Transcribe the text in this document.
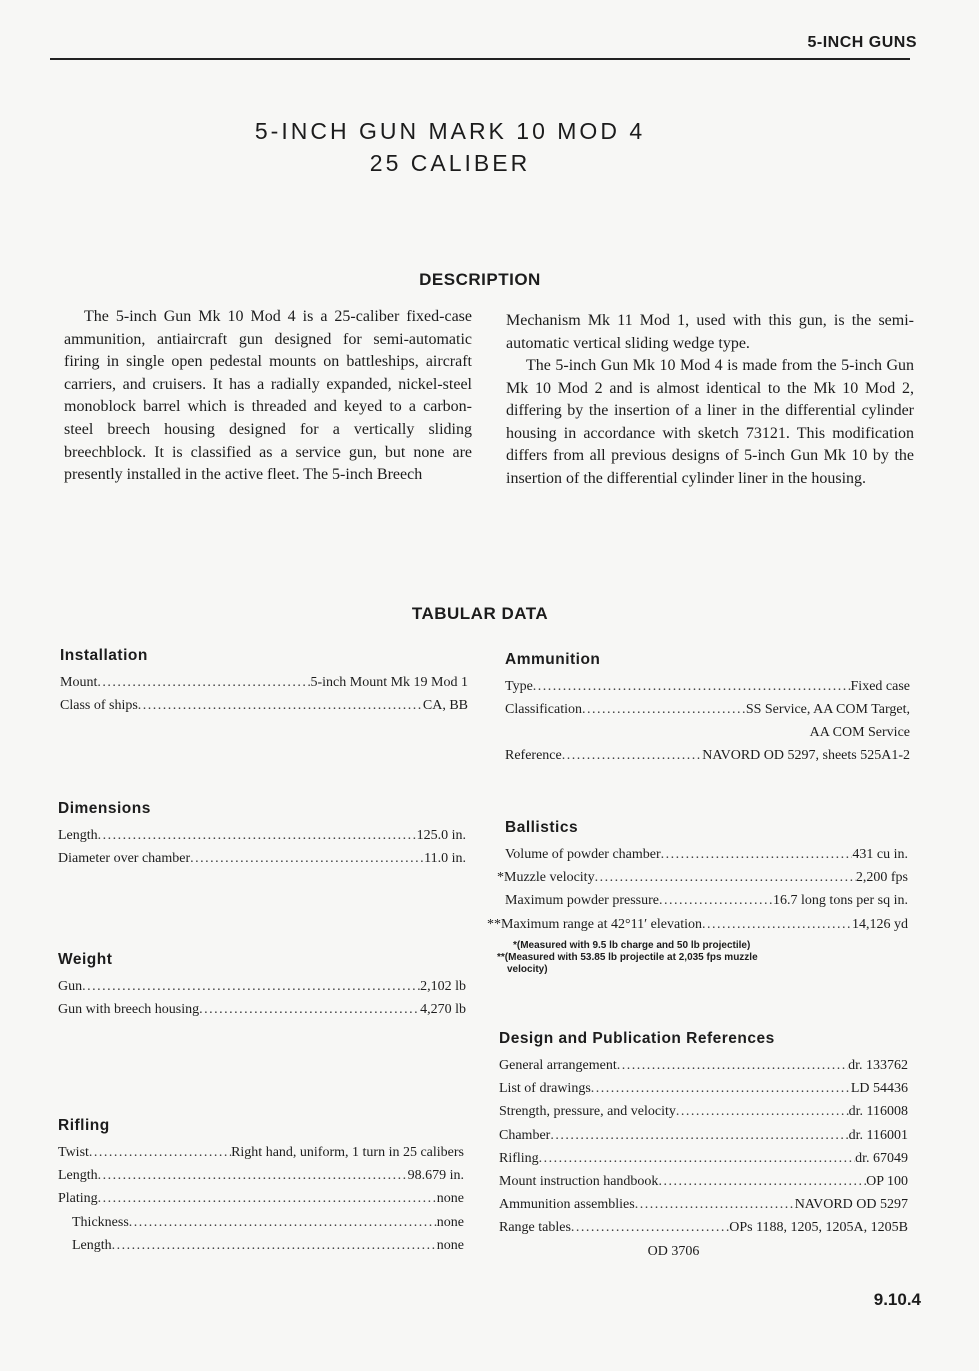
5-INCH GUNS
5-INCH GUN MARK 10 MOD 4
25 CALIBER
DESCRIPTION

The 5-inch Gun Mk 10 Mod 4 is a 25-caliber fixed-case ammunition, antiaircraft gun designed for semi-automatic firing in single open pedestal mounts on battleships, aircraft carriers, and cruisers. It has a radially expanded, nickel-steel monoblock barrel which is threaded and keyed to a carbon-steel breech housing designed for a vertically sliding breechblock. It is classified as a service gun, but none are presently installed in the active fleet. The 5-inch Breech

Mechanism Mk 11 Mod 1, used with this gun, is the semi-automatic vertical sliding wedge type.

The 5-inch Gun Mk 10 Mod 4 is made from the 5-inch Gun Mk 10 Mod 2 and is almost identical to the Mk 10 Mod 2, differing by the insertion of a liner in the differential cylinder housing in accordance with sketch 73121. This modification differs from all previous designs of 5-inch Gun Mk 10 by the insertion of the differential cylinder liner in the housing.

TABULAR DATA
Installation
Mount .....	5-inch Mount Mk 19 Mod 1
Class of ships .....	CA, BB
Dimensions
Length .....	125.0 in.
Diameter over chamber .....	11.0 in.
Weight
Gun .....	2,102 lb
Gun with breech housing .....	4,270 lb
Rifling
Twist .....	Right hand, uniform, 1 turn in 25 calibers
Length .....	98.679 in.
Plating .....	none
Thickness .....	none
Length .....	none
Ammunition
Type .....	Fixed case
Classification .....	SS Service, AA COM Target,
AA COM Service
Reference .....	NAVORD OD 5297, sheets 525A1-2
Ballistics
Volume of powder chamber .....	431 cu in.
*Muzzle velocity .....	2,200 fps
Maximum powder pressure .....	16.7 long tons per sq in.
**Maximum range at 42°11′ elevation .....	14,126 yd
*(Measured with 9.5 lb charge and 50 lb projectile)
**(Measured with 53.85 lb projectile at 2,035 fps muzzle
velocity)
Design and Publication References
General arrangement .....	dr. 133762
List of drawings .....	LD 54436
Strength, pressure, and velocity .....	dr. 116008
Chamber .....	dr. 116001
Rifling .....	dr. 67049
Mount instruction handbook .....	OP 100
Ammunition assemblies .....	NAVORD OD 5297
Range tables .....	OPs 1188, 1205, 1205A, 1205B
OD 3706
9.10.4
